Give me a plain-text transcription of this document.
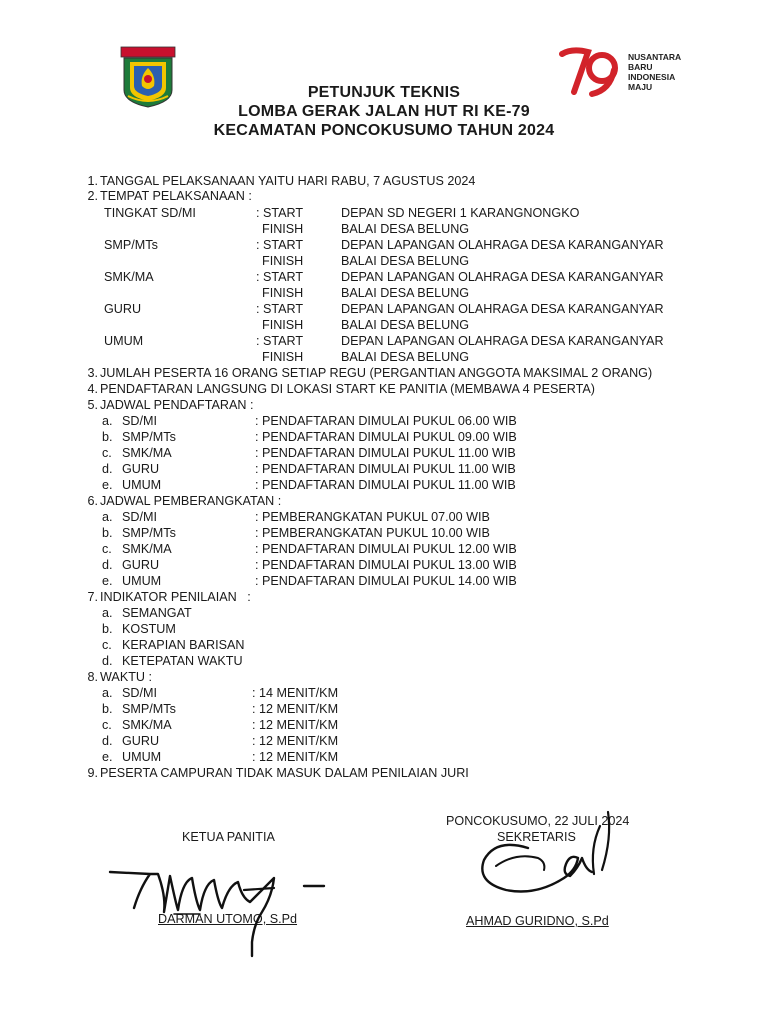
NUSANTARA
BARU
INDONESIA
MAJU
PETUNJUK TEKNIS
LOMBA GERAK JALAN HUT RI KE-79
KECAMATAN PONCOKUSUMO TAHUN 2024
1. TANGGAL PELAKSANAAN YAITU HARI RABU, 7 AGUSTUS 2024
2. TEMPAT PELAKSANAAN :
TINGKAT SD/MI	: START	DEPAN SD NEGERI 1 KARANGNONGKO
FINISH	BALAI DESA BELUNG
SMP/MTs	: START	DEPAN LAPANGAN OLAHRAGA DESA KARANGANYAR
FINISH	BALAI DESA BELUNG
SMK/MA	: START	DEPAN LAPANGAN OLAHRAGA DESA KARANGANYAR
FINISH	BALAI DESA BELUNG
GURU	: START	DEPAN LAPANGAN OLAHRAGA DESA KARANGANYAR
FINISH	BALAI DESA BELUNG
UMUM	: START	DEPAN LAPANGAN OLAHRAGA DESA KARANGANYAR
FINISH	BALAI DESA BELUNG
3. JUMLAH PESERTA 16 ORANG SETIAP REGU (PERGANTIAN ANGGOTA MAKSIMAL 2 ORANG)
4. PENDAFTARAN LANGSUNG DI LOKASI START KE PANITIA (MEMBAWA 4 PESERTA)
5. JADWAL PENDAFTARAN :
a. SD/MI	: PENDAFTARAN DIMULAI PUKUL 06.00 WIB
b. SMP/MTs	: PENDAFTARAN DIMULAI PUKUL 09.00 WIB
c. SMK/MA	: PENDAFTARAN DIMULAI PUKUL 11.00 WIB
d. GURU	: PENDAFTARAN DIMULAI PUKUL 11.00 WIB
e. UMUM	: PENDAFTARAN DIMULAI PUKUL 11.00 WIB
6. JADWAL PEMBERANGKATAN :
a. SD/MI	: PEMBERANGKATAN PUKUL 07.00 WIB
b. SMP/MTs	: PEMBERANGKATAN PUKUL 10.00 WIB
c. SMK/MA	: PENDAFTARAN DIMULAI PUKUL 12.00 WIB
d. GURU	: PENDAFTARAN DIMULAI PUKUL 13.00 WIB
e. UMUM	: PENDAFTARAN DIMULAI PUKUL 14.00 WIB
7. INDIKATOR PENILAIAN   :
a. SEMANGAT
b. KOSTUM
c. KERAPIAN BARISAN
d. KETEPATAN WAKTU
8. WAKTU :
a. SD/MI	: 14 MENIT/KM
b. SMP/MTs	: 12 MENIT/KM
c. SMK/MA	: 12 MENIT/KM
d. GURU	: 12 MENIT/KM
e. UMUM	: 12 MENIT/KM
9. PESERTA CAMPURAN TIDAK MASUK DALAM PENILAIAN JURI
PONCOKUSUMO, 22 JULI 2024
SEKRETARIS
KETUA PANITIA
DARMAN UTOMO, S.Pd	AHMAD GURIDNO, S.Pd
